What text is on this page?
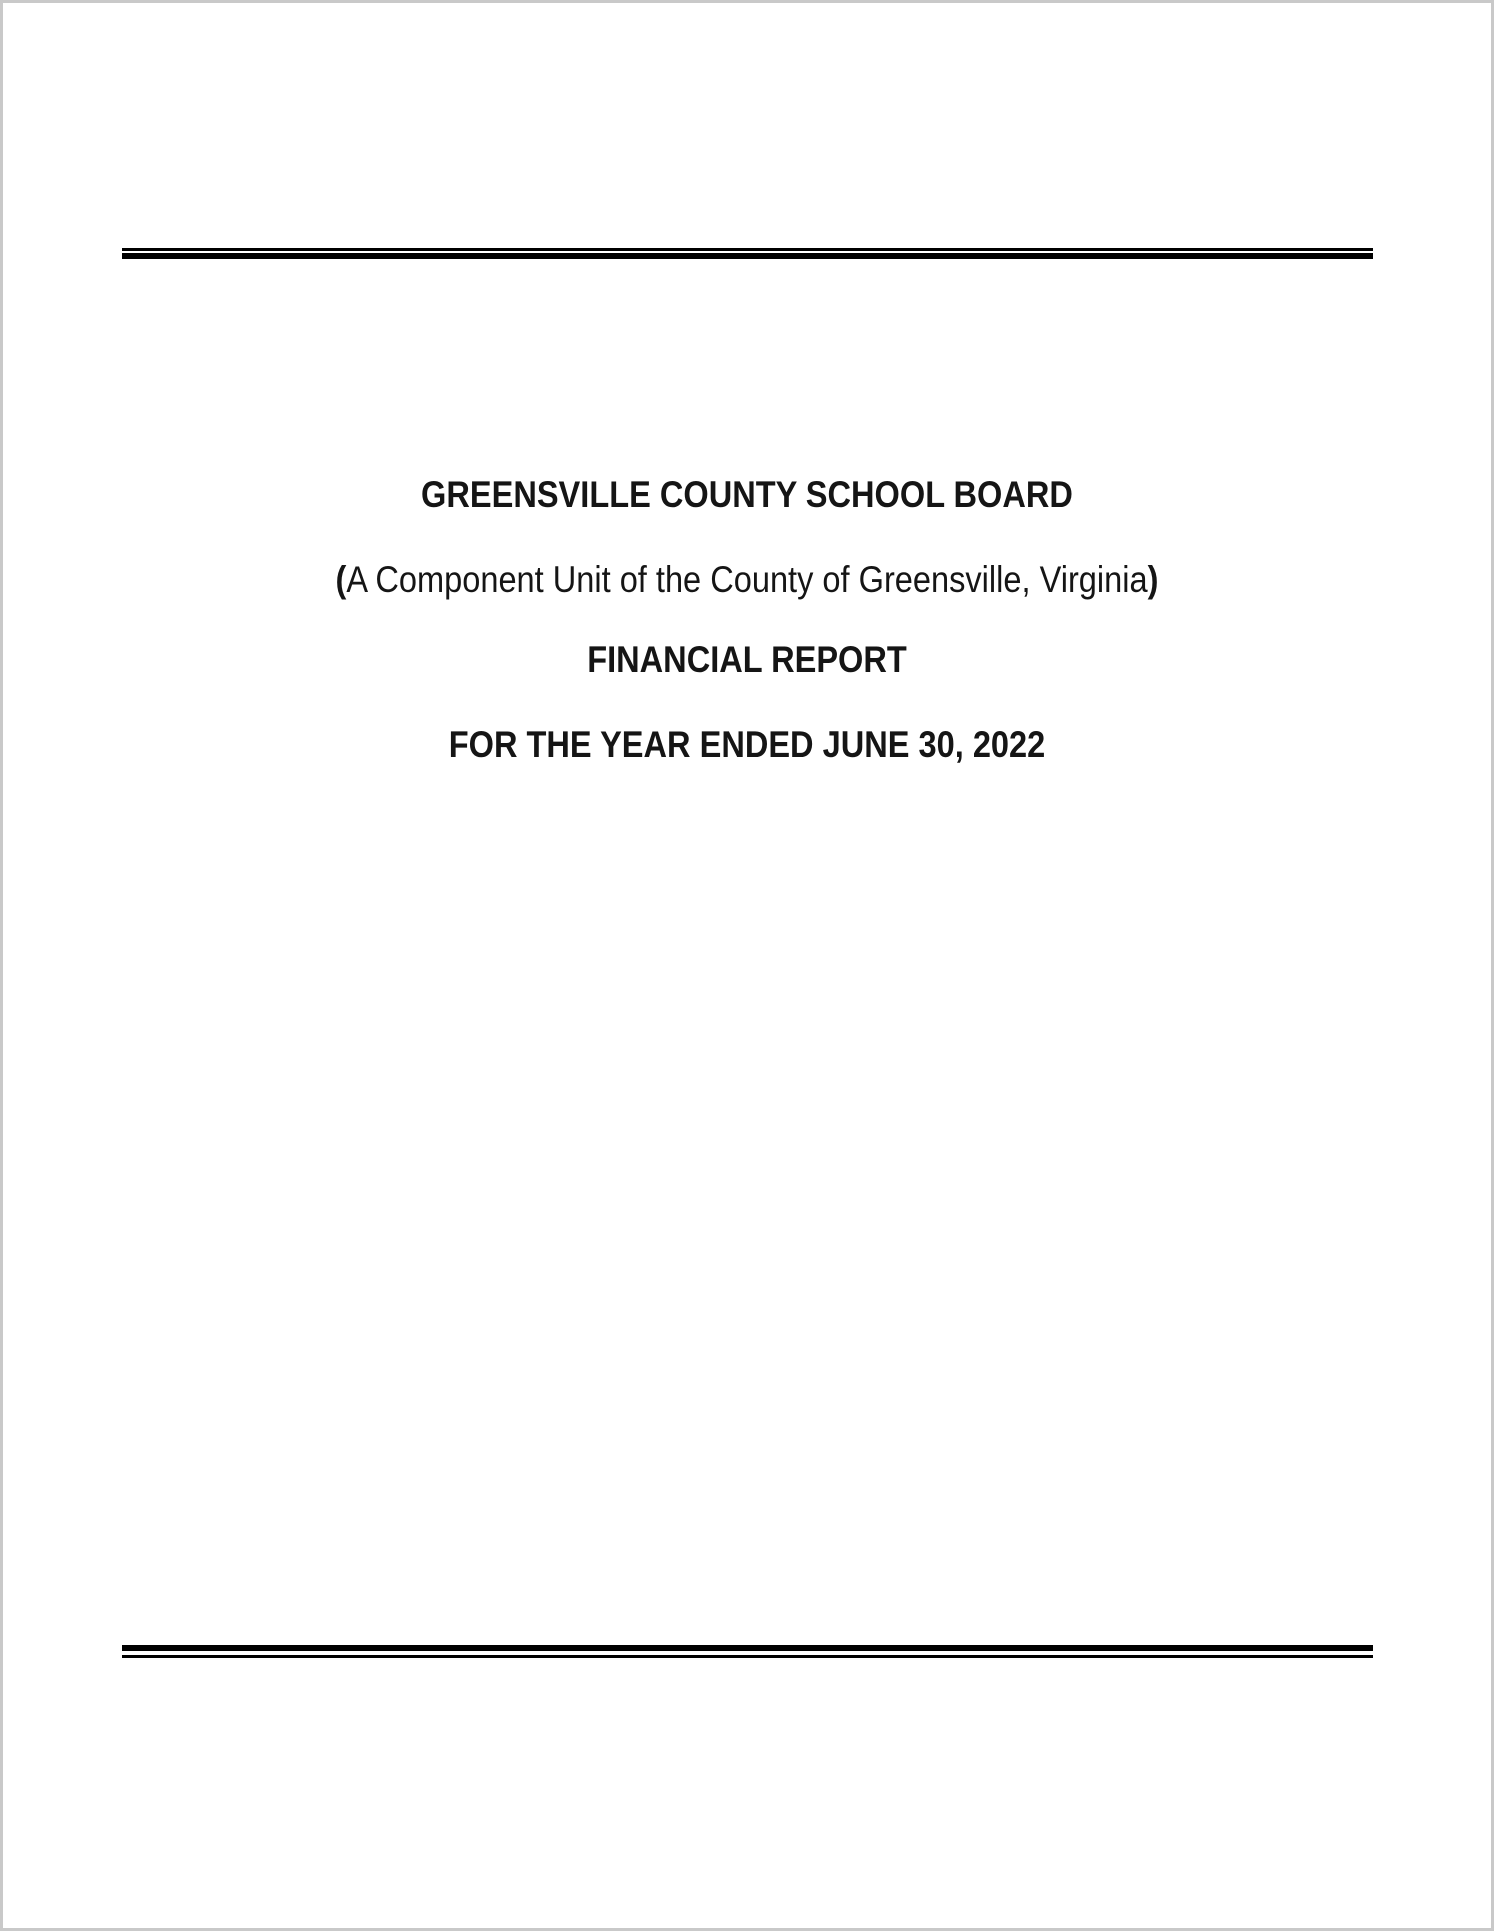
GREENSVILLE COUNTY SCHOOL BOARD

(A Component Unit of the County of Greensville, Virginia)

FINANCIAL REPORT
FOR THE YEAR ENDED JUNE 30, 2022
